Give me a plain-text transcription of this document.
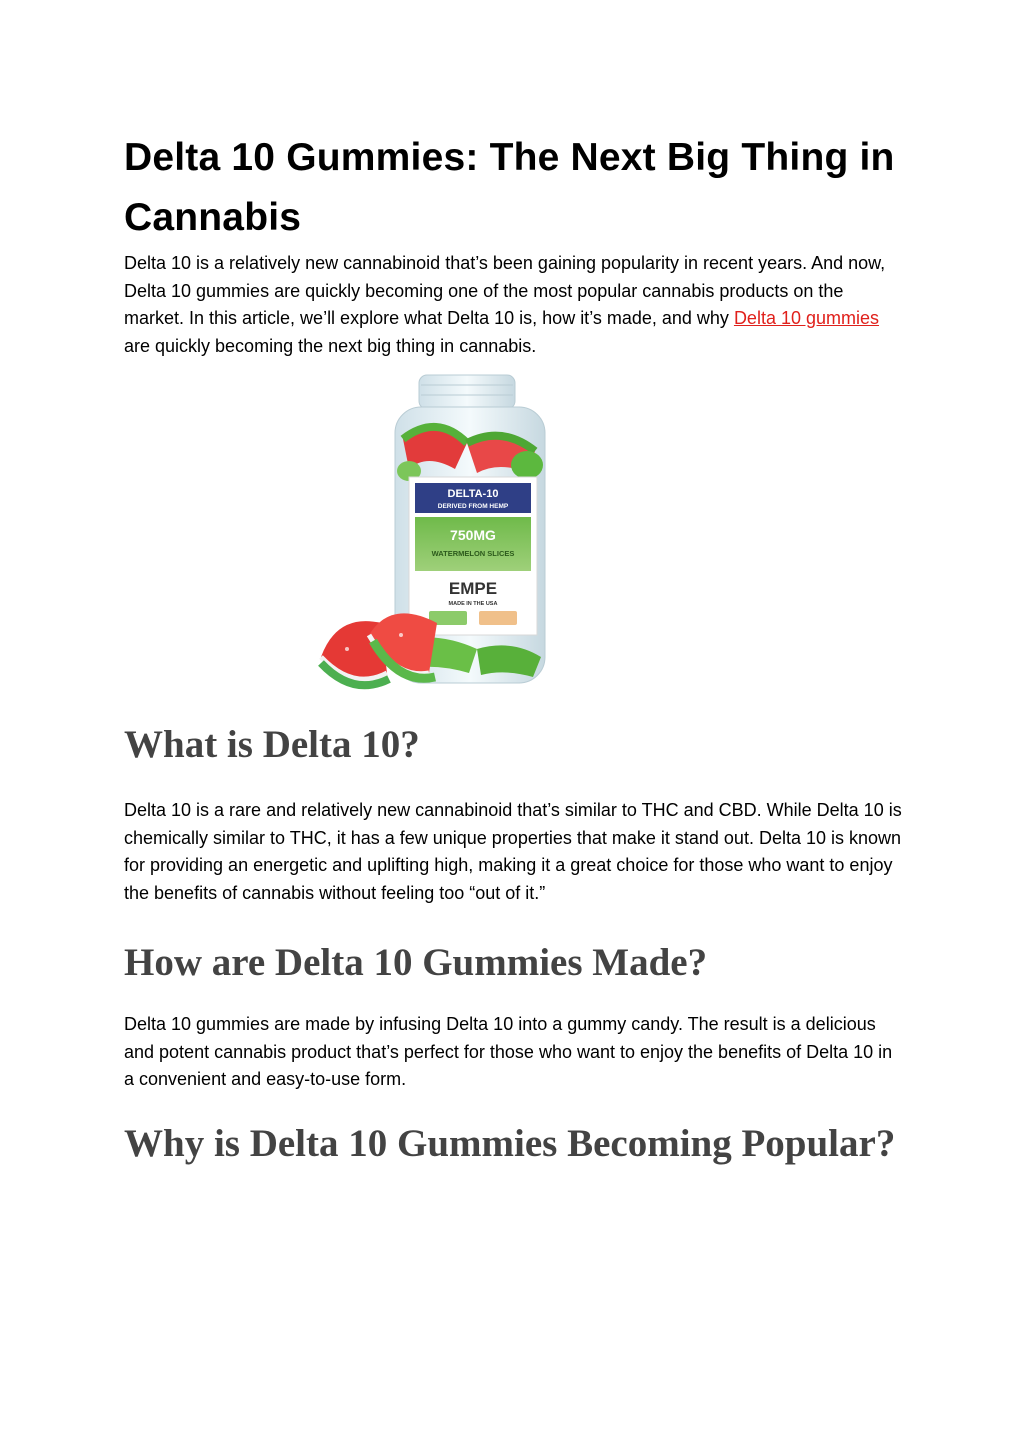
Delta 10 Gummies: The Next Big Thing in Cannabis

Delta 10 is a relatively new cannabinoid that’s been gaining popularity in recent years. And now, Delta 10 gummies are quickly becoming one of the most popular cannabis products on the market. In this article, we’ll explore what Delta 10 is, how it’s made, and why Delta 10 gummies are quickly becoming the next big thing in cannabis.

DELTA-10
DERIVED FROM HEMP
750MG
WATERMELON SLICES
EMPE
MADE IN THE USA
What is Delta 10?

Delta 10 is a rare and relatively new cannabinoid that’s similar to THC and CBD. While Delta 10 is chemically similar to THC, it has a few unique properties that make it stand out. Delta 10 is known for providing an energetic and uplifting high, making it a great choice for those who want to enjoy the benefits of cannabis without feeling too “out of it.”

How are Delta 10 Gummies Made?

Delta 10 gummies are made by infusing Delta 10 into a gummy candy. The result is a delicious and potent cannabis product that’s perfect for those who want to enjoy the benefits of Delta 10 in a convenient and easy-to-use form.

Why is Delta 10 Gummies Becoming Popular?
